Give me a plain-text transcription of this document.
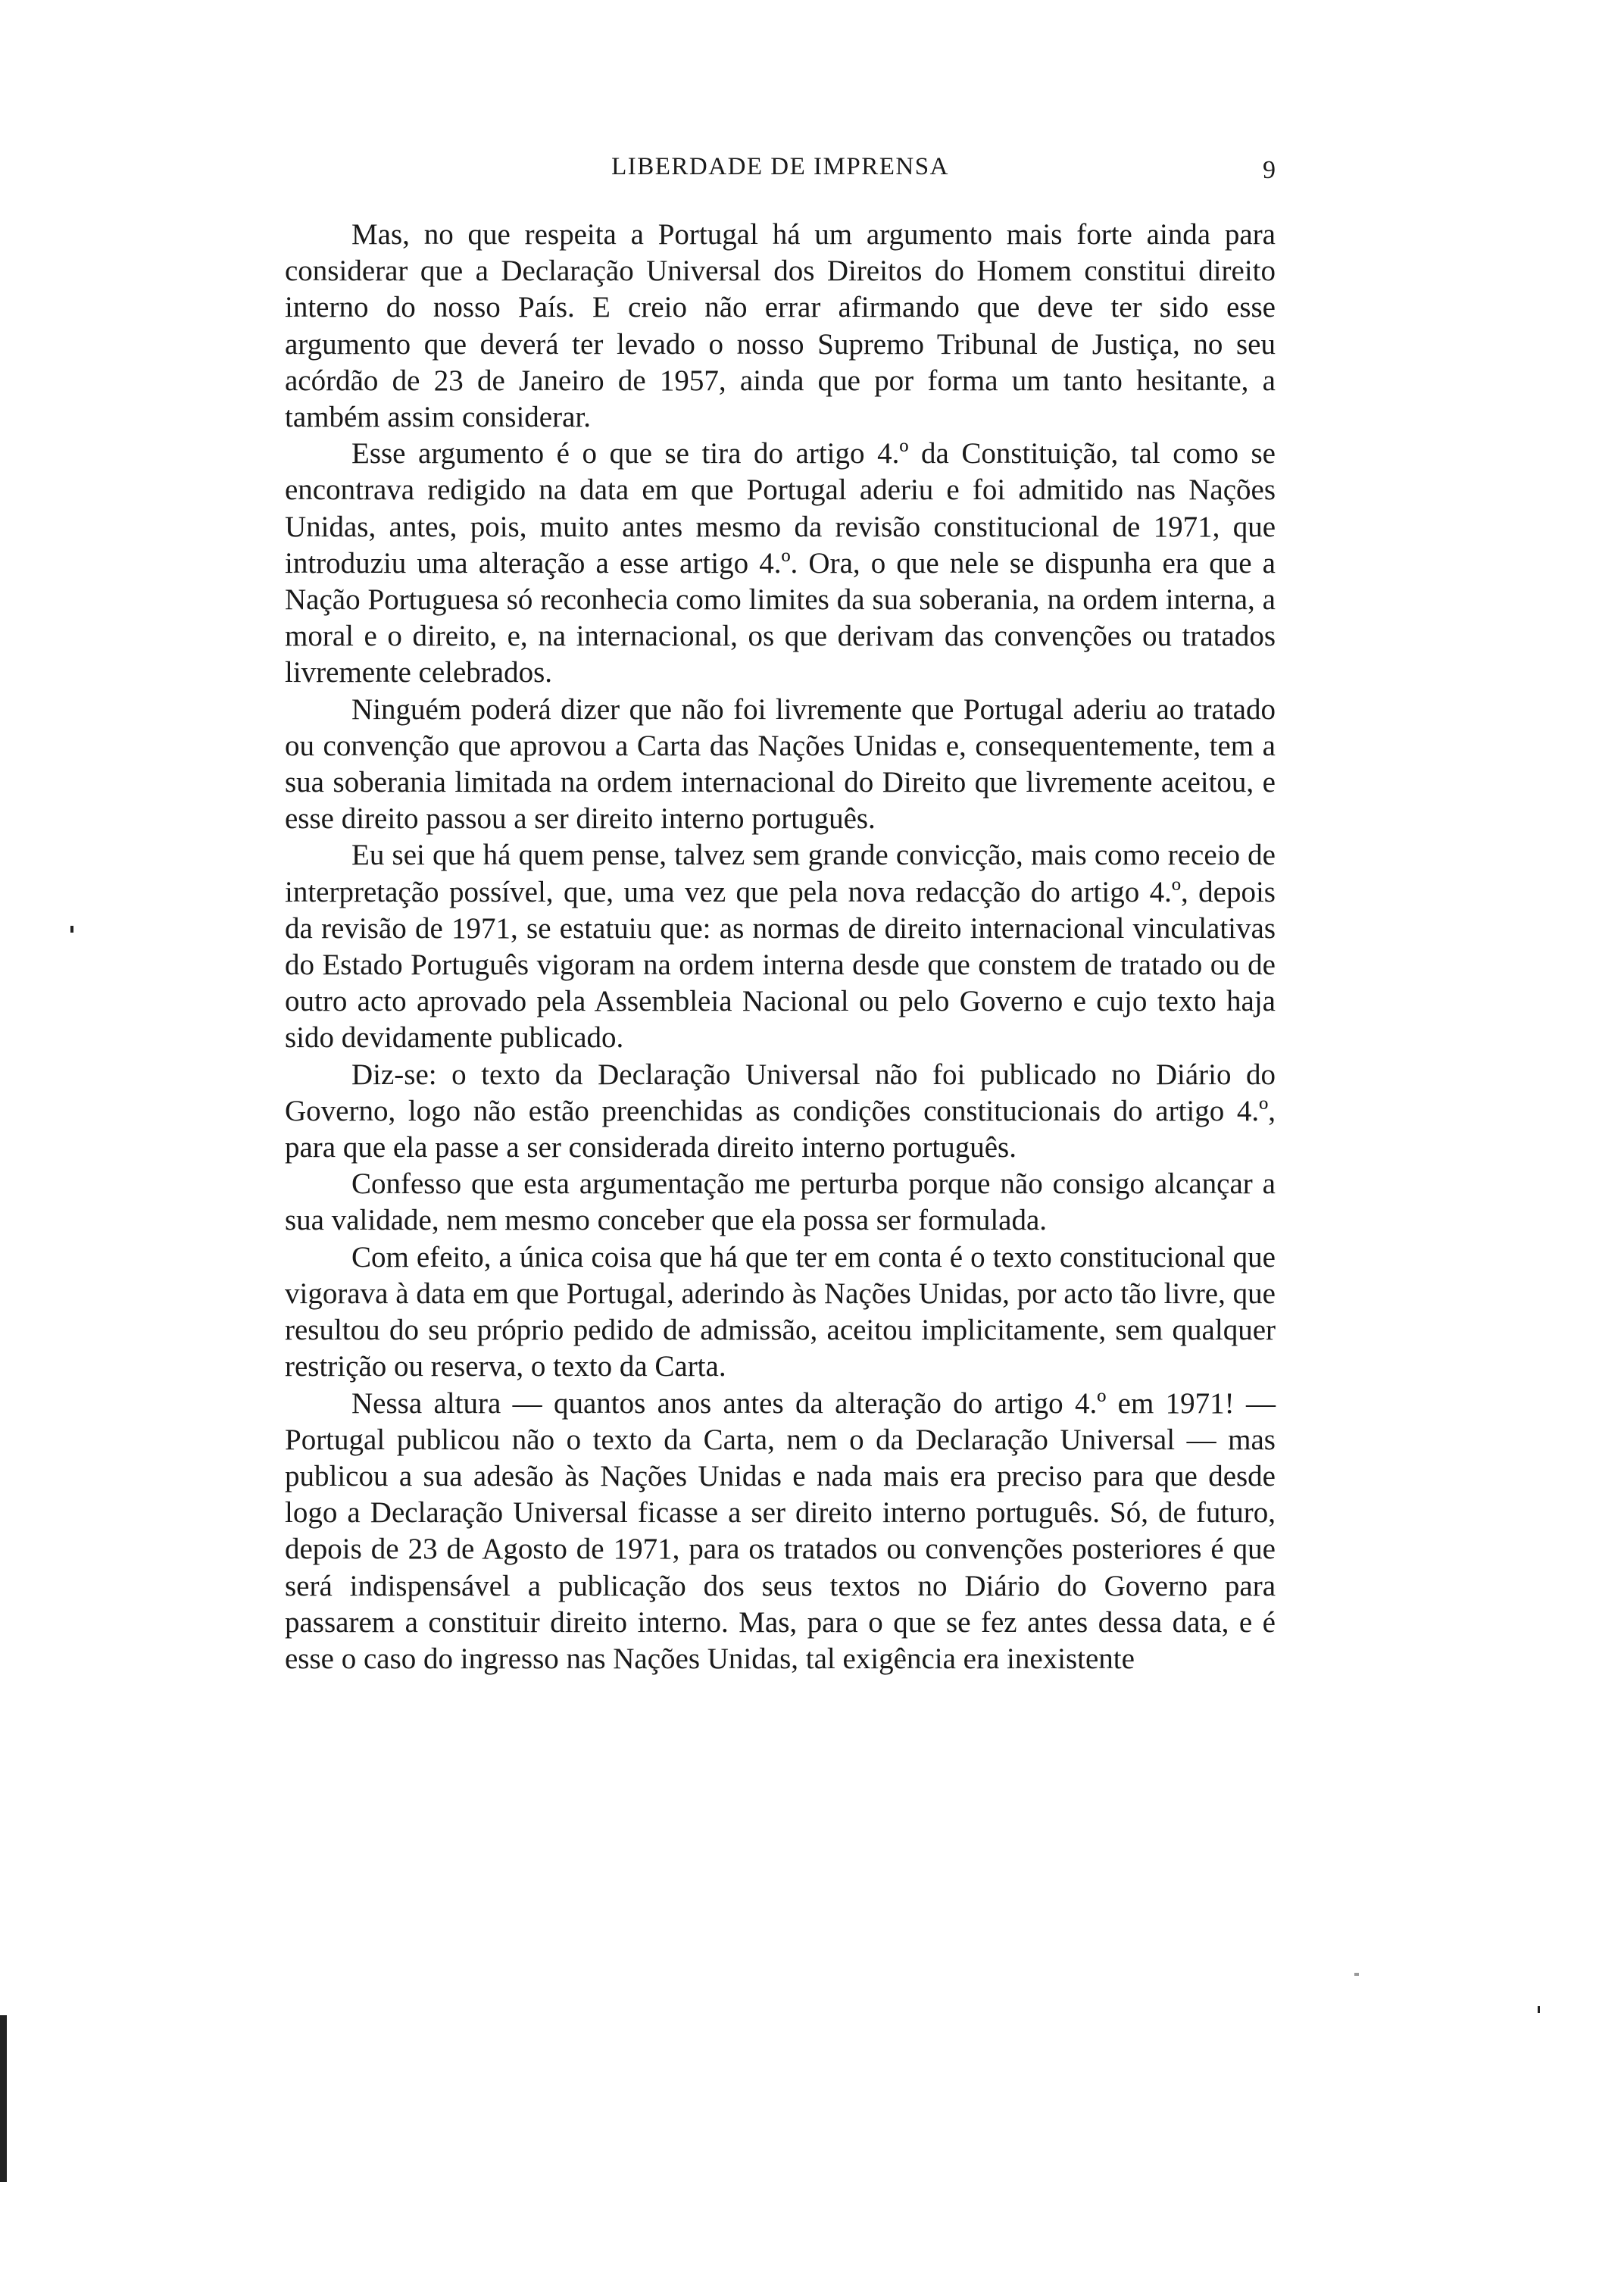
LIBERDADE DE IMPRENSA	9

Mas, no que respeita a Portugal há um argumento mais forte ainda para considerar que a Declaração Universal dos Direitos do Homem constitui direito interno do nosso País. E creio não errar afirmando que deve ter sido esse argumento que deverá ter levado o nosso Supremo Tribunal de Justiça, no seu acórdão de 23 de Janeiro de 1957, ainda que por forma um tanto hesitante, a também assim considerar.

Esse argumento é o que se tira do artigo 4.º da Constituição, tal como se encontrava redigido na data em que Portugal aderiu e foi admitido nas Nações Unidas, antes, pois, muito antes mesmo da revisão constitucional de 1971, que introduziu uma alteração a esse artigo 4.º. Ora, o que nele se dispunha era que a Nação Portuguesa só reconhecia como limites da sua soberania, na ordem interna, a moral e o direito, e, na internacional, os que derivam das convenções ou tratados livremente celebrados.

Ninguém poderá dizer que não foi livremente que Portugal aderiu ao tratado ou convenção que aprovou a Carta das Nações Unidas e, consequentemente, tem a sua soberania limitada na ordem internacional do Direito que livremente aceitou, e esse direito passou a ser direito interno português.

Eu sei que há quem pense, talvez sem grande convicção, mais como receio de interpretação possível, que, uma vez que pela nova redacção do artigo 4.º, depois da revisão de 1971, se estatuiu que: as normas de direito internacional vinculativas do Estado Português vigoram na ordem interna desde que constem de tratado ou de outro acto aprovado pela Assembleia Nacional ou pelo Governo e cujo texto haja sido devidamente publicado.

Diz-se: o texto da Declaração Universal não foi publicado no Diário do Governo, logo não estão preenchidas as condições constitucionais do artigo 4.º, para que ela passe a ser considerada direito interno português.

Confesso que esta argumentação me perturba porque não consigo alcançar a sua validade, nem mesmo conceber que ela possa ser formulada.

Com efeito, a única coisa que há que ter em conta é o texto constitucional que vigorava à data em que Portugal, aderindo às Nações Unidas, por acto tão livre, que resultou do seu próprio pedido de admissão, aceitou implicitamente, sem qualquer restrição ou reserva, o texto da Carta.

Nessa altura — quantos anos antes da alteração do artigo 4.º em 1971! — Portugal publicou não o texto da Carta, nem o da Declaração Universal — mas publicou a sua adesão às Nações Unidas e nada mais era preciso para que desde logo a Declaração Universal ficasse a ser direito interno português. Só, de futuro, depois de 23 de Agosto de 1971, para os tratados ou convenções posteriores é que será indispensável a publicação dos seus textos no Diário do Governo para passarem a constituir direito interno. Mas, para o que se fez antes dessa data, e é esse o caso do ingresso nas Nações Unidas, tal exigência era inexistente
